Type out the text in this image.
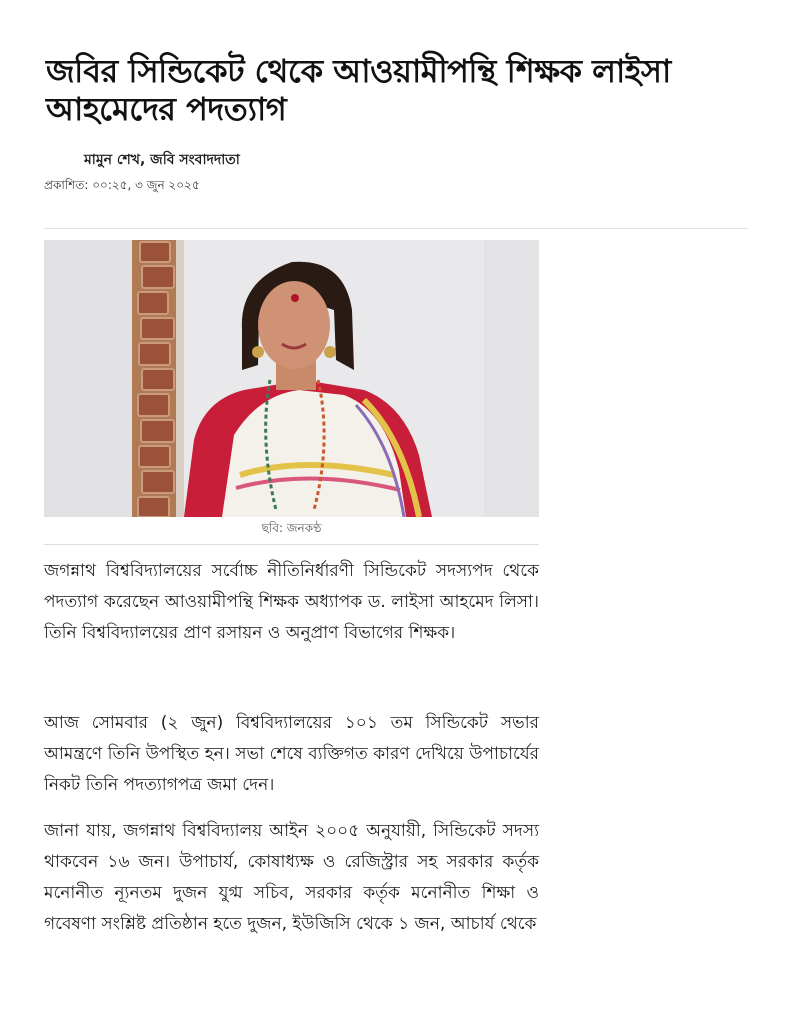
জবির সিন্ডিকেট থেকে আওয়ামীপন্থি শিক্ষক লাইসা আহমেদের পদত্যাগ
মামুন শেখ, জবি সংবাদদাতা
প্রকাশিত: ০০:২৫, ৩ জুন ২০২৫
ছবি: জনকণ্ঠ

জগন্নাথ বিশ্ববিদ্যালয়ের সর্বোচ্চ নীতিনির্ধারণী সিন্ডিকেট সদস্যপদ থেকে পদত্যাগ করেছেন আওয়ামীপন্থি শিক্ষক অধ্যাপক ড. লাইসা আহমেদ লিসা। তিনি বিশ্ববিদ্যালয়ের প্রাণ রসায়ন ও অনুপ্রাণ বিভাগের শিক্ষক।

আজ সোমবার (২ জুন) বিশ্ববিদ্যালয়ের ১০১ তম সিন্ডিকেট সভার আমন্ত্রণে তিনি উপস্থিত হন। সভা শেষে ব্যক্তিগত কারণ দেখিয়ে উপাচার্যের নিকট তিনি পদত্যাগপত্র জমা দেন।

জানা যায়, জগন্নাথ বিশ্ববিদ্যালয় আইন ২০০৫ অনুযায়ী, সিন্ডিকেট সদস্য থাকবেন ১৬ জন। উপাচার্য, কোষাধ্যক্ষ ও রেজিস্ট্রার সহ সরকার কর্তৃক মনোনীত ন্যূনতম দুজন যুগ্ম সচিব, সরকার কর্তৃক মনোনীত শিক্ষা ও গবেষণা সংশ্লিষ্ট প্রতিষ্ঠান হতে দুজন, ইউজিসি থেকে ১ জন, আচার্য থেকে
